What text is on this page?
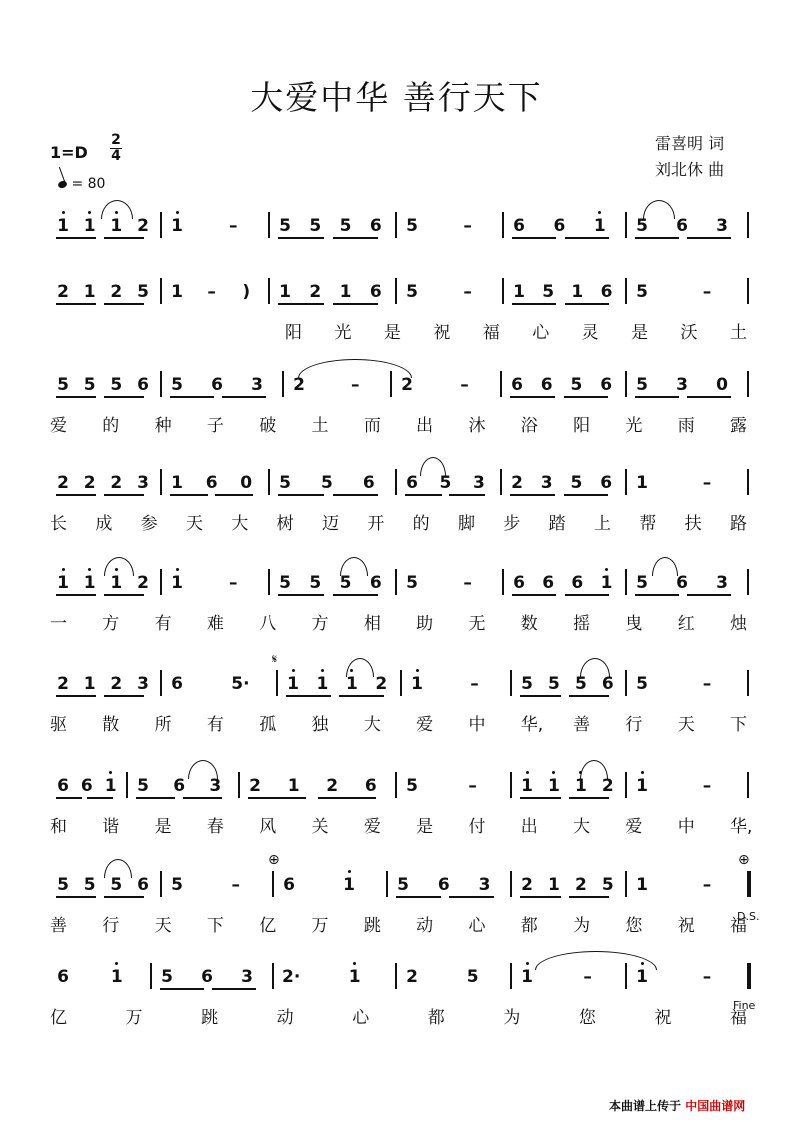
大爱中华 善行天下
雷喜明 词
刘北休 曲
1=D
2
4
= 80
1 1 1 2 1	– 5 5 5 6 5	– 6 6 1 5 6 3
2 1 2 5 1 – ) 1 2 1 6 5	– 1 5 1 6 5	–
阳 光 是 祝 福 心 灵 是 沃 土
5 5 5 6 5 6 3 2	– 2	– 6 6 5 6 5 3 0
爱 的 种 子 破 土 而 出 沐 浴 阳 光 雨 露
2 2 2 3 1 6 0 5 5 6 6 5 3 2 3 5 6 1	–
长 成 参 天 大 树 迈 开 的 脚 步 踏 上 帮 扶 路
1 1 1 2 1	– 5 5 5 6 5	– 6 6 6 1 5 6 3
一 方 有 难 八 方 相 助 无 数 摇 曳 红 烛
2 1 2 3 6	5· 1 1 1 2 1	– 5 5 5 6 5	–
驱 散 所 有 孤 独 大 爱 中 华, 善 行 天 下
6 6 1 5 6 3 2 1 2 6 5	–	1 1 1 2 1	–
和 谐 是 春 风 关 爱 是 付 出 大 爱 中 华,
5 5 5 6 5	–	6	1 5 6 3 2 1 2 5 1	–
善 行 天 下 亿 万 跳 动 心 都 为 您 祝 福
6 1 5 6 3 2·	1	2	5	1	–	1	–
亿	万	跳	动	心	都	为	您	祝	福
𝄋
⊕	⊕
D.S.
Fine
本曲谱上传于 中国曲谱网
